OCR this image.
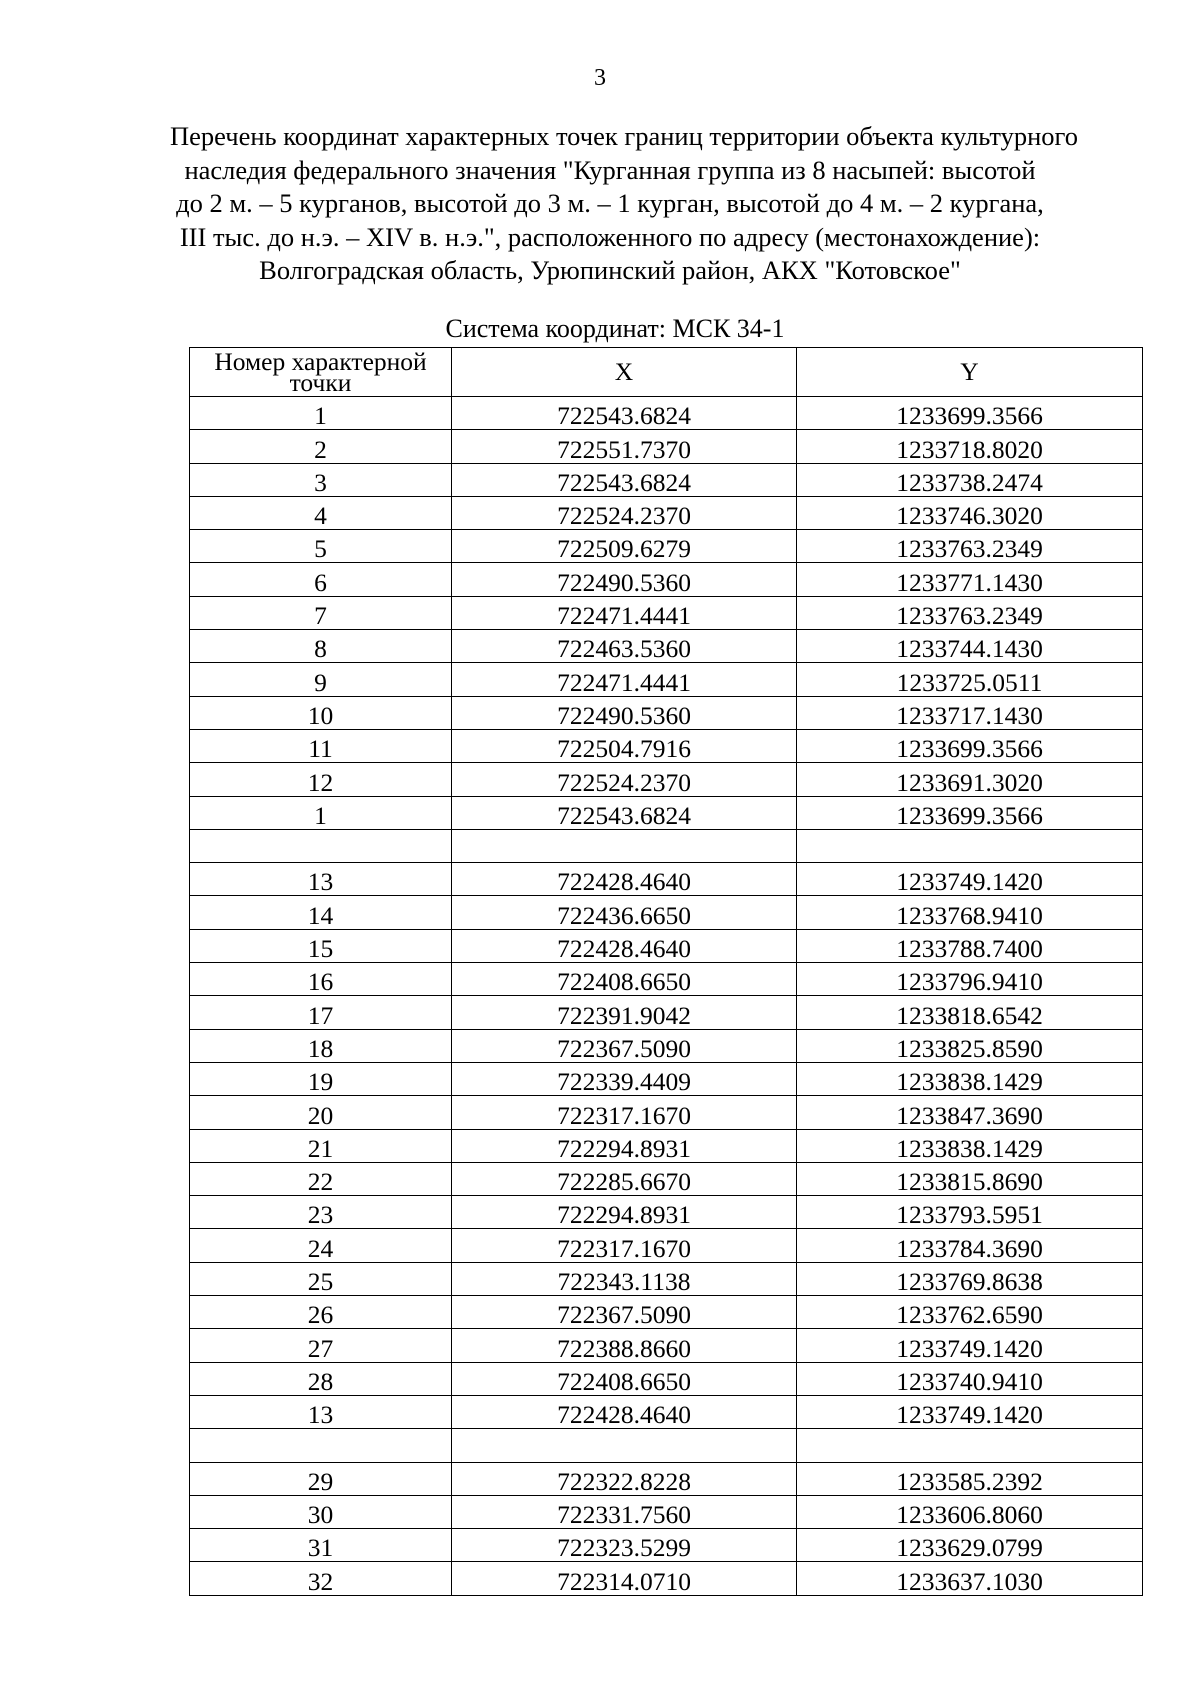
3
Перечень координат характерных точек границ территории объекта культурного
наследия федерального значения "Курганная группа из 8 насыпей: высотой
до 2 м. – 5 курганов, высотой до 3 м. – 1 курган, высотой до 4 м. – 2 кургана,
III тыс. до н.э. – XIV в. н.э.", расположенного по адресу (местонахождение):
Волгоградская область, Урюпинский район, АКХ "Котовское"
Система координат: МСК 34-1
Номер характерной
точки	X	Y
1	722543.6824	1233699.3566
2	722551.7370	1233718.8020
3	722543.6824	1233738.2474
4	722524.2370	1233746.3020
5	722509.6279	1233763.2349
6	722490.5360	1233771.1430
7	722471.4441	1233763.2349
8	722463.5360	1233744.1430
9	722471.4441	1233725.0511
10	722490.5360	1233717.1430
11	722504.7916	1233699.3566
12	722524.2370	1233691.3020
1	722543.6824	1233699.3566

13	722428.4640	1233749.1420
14	722436.6650	1233768.9410
15	722428.4640	1233788.7400
16	722408.6650	1233796.9410
17	722391.9042	1233818.6542
18	722367.5090	1233825.8590
19	722339.4409	1233838.1429
20	722317.1670	1233847.3690
21	722294.8931	1233838.1429
22	722285.6670	1233815.8690
23	722294.8931	1233793.5951
24	722317.1670	1233784.3690
25	722343.1138	1233769.8638
26	722367.5090	1233762.6590
27	722388.8660	1233749.1420
28	722408.6650	1233740.9410
13	722428.4640	1233749.1420

29	722322.8228	1233585.2392
30	722331.7560	1233606.8060
31	722323.5299	1233629.0799
32	722314.0710	1233637.1030
